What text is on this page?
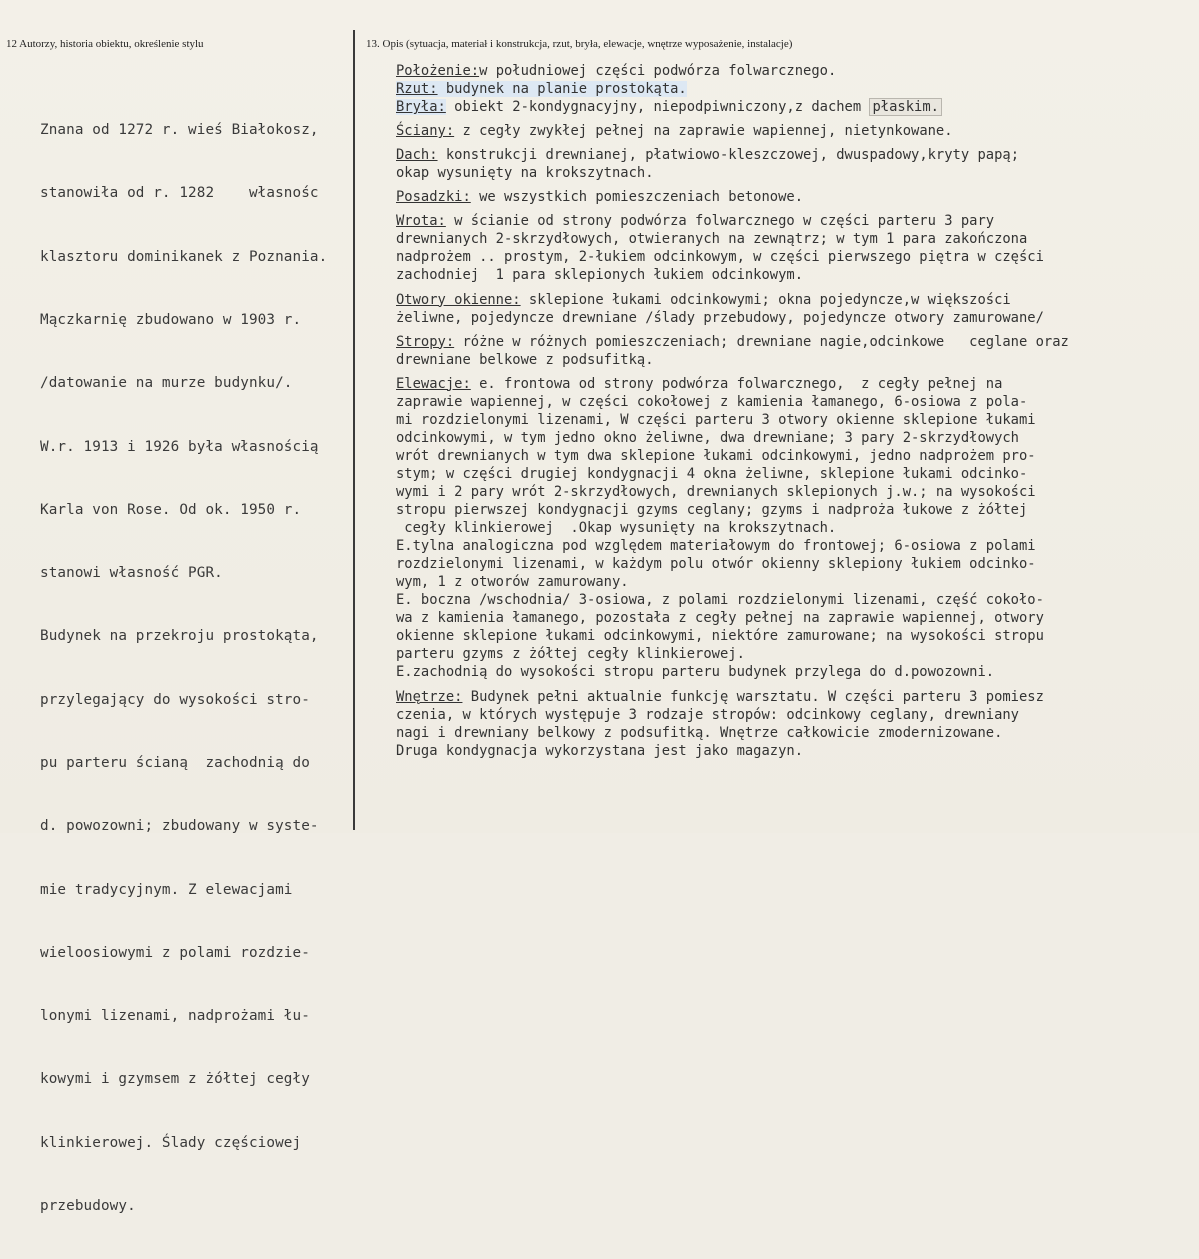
12 Autorzy, historia obiektu, określenie stylu	13. Opis (sytuacja, materiał i konstrukcja, rzut, bryła, elewacje, wnętrze wyposażenie, instalacje)

Znana od 1272 r. wieś Białokosz,

stanowiła od r. 1282    własnośc

klasztoru dominikanek z Poznania.

Mączkarnię zbudowano w 1903 r.

/datowanie na murze budynku/.

W.r. 1913 i 1926 była własnością

Karla von Rose. Od ok. 1950 r.

stanowi własność PGR.

Budynek na przekroju prostokąta,

przylegający do wysokości stro-

pu parteru ścianą  zachodnią do

d. powozowni; zbudowany w syste-

mie tradycyjnym. Z elewacjami

wieloosiowymi z polami rozdzie-

lonymi lizenami, nadprożami łu-

kowymi i gzymsem z żółtej cegły

klinkierowej. Ślady częściowej

przebudowy.

Położenie:w południowej części podwórza folwarcznego.
Rzut: budynek na planie prostokąta.
Bryła: obiekt 2-kondygnacyjny, niepodpiwniczony,z dachem płaskim.
Ściany: z cegły zwykłej pełnej na zaprawie wapiennej, nietynkowane.
Dach: konstrukcji drewnianej, płatwiowo-kleszczowej, dwuspadowy,kryty papą;
okap wysunięty na krokszytnach.
Posadzki: we wszystkich pomieszczeniach betonowe.
Wrota: w ścianie od strony podwórza folwarcznego w części parteru 3 pary
drewnianych 2-skrzydłowych, otwieranych na zewnątrz; w tym 1 para zakończona
nadprożem .. prostym, 2-łukiem odcinkowym, w części pierwszego piętra w części
zachodniej  1 para sklepionych łukiem odcinkowym.
Otwory okienne: sklepione łukami odcinkowymi; okna pojedyncze,w większości
żeliwne, pojedyncze drewniane /ślady przebudowy, pojedyncze otwory zamurowane/
Stropy: różne w różnych pomieszczeniach; drewniane nagie,odcinkowe   ceglane oraz
drewniane belkowe z podsufitką.
Elewacje: e. frontowa od strony podwórza folwarcznego,  z cegły pełnej na
zaprawie wapiennej, w części cokołowej z kamienia łamanego, 6-osiowa z pola-
mi rozdzielonymi lizenami, W części parteru 3 otwory okienne sklepione łukami
odcinkowymi, w tym jedno okno żeliwne, dwa drewniane; 3 pary 2-skrzydłowych
wrót drewnianych w tym dwa sklepione łukami odcinkowymi, jedno nadprożem pro-
stym; w części drugiej kondygnacji 4 okna żeliwne, sklepione łukami odcinko-
wymi i 2 pary wrót 2-skrzydłowych, drewnianych sklepionych j.w.; na wysokości
stropu pierwszej kondygnacji gzyms ceglany; gzyms i nadproża łukowe z żółtej
cegły klinkierowej  .Okap wysunięty na krokszytnach.
E.tylna analogiczna pod względem materiałowym do frontowej; 6-osiowa z polami
rozdzielonymi lizenami, w każdym polu otwór okienny sklepiony łukiem odcinko-
wym, 1 z otworów zamurowany.
E. boczna /wschodnia/ 3-osiowa, z polami rozdzielonymi lizenami, część cokoło-
wa z kamienia łamanego, pozostała z cegły pełnej na zaprawie wapiennej, otwory
okienne sklepione łukami odcinkowymi, niektóre zamurowane; na wysokości stropu
parteru gzyms z żółtej cegły klinkierowej.
E.zachodnią do wysokości stropu parteru budynek przylega do d.powozowni.
Wnętrze: Budynek pełni aktualnie funkcję warsztatu. W części parteru 3 pomiesz
czenia, w których występuje 3 rodzaje stropów: odcinkowy ceglany, drewniany
nagi i drewniany belkowy z podsufitką. Wnętrze całkowicie zmodernizowane.
Druga kondygnacja wykorzystana jest jako magazyn.
